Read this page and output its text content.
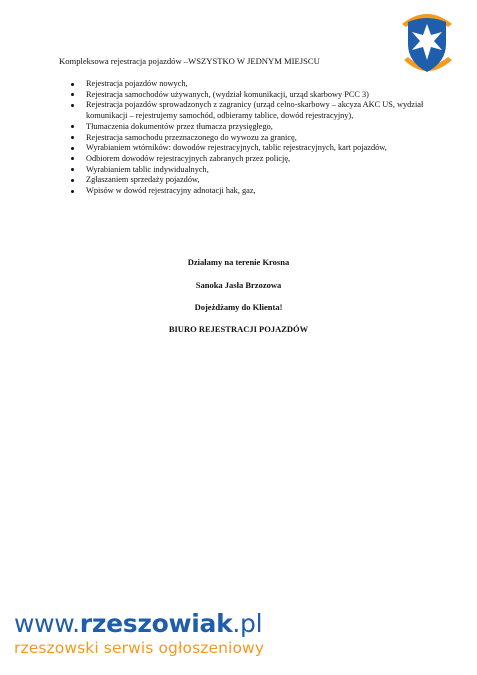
Kompleksowa rejestracja pojazdów –WSZYSTKO W JEDNYM MIEJSCU
Rejestracja pojazdów nowych,
Rejestracja samochodów używanych, (wydział komunikacji, urząd skarbowy PCC 3)
Rejestracja pojazdów sprowadzonych z zagranicy (urząd celno-skarbowy – akcyza AKC US, wydział komunikacji – rejestrujemy samochód, odbieramy tablice, dowód rejestracyjny),
Tłumaczenia dokumentów przez tłumacza przysięgłego,
Rejestracja samochodu przeznaczonego do wywozu za granicę,
Wyrabianiem wtórników: dowodów rejestracyjnych, tablic rejestracyjnych, kart pojazdów,
Odbiorem dowodów rejestracyjnych zabranych przez policję,
Wyrabianiem tablic indywidualnych,
Zgłaszaniem sprzedaży pojazdów,
Wpisów w dowód rejestracyjny adnotacji hak, gaz,
Działamy na terenie Krosna
Sanoka Jasła Brzozowa
Dojeżdżamy do Klienta!
BIURO REJESTRACJI POJAZDÓW
www.rzeszowiak.pl
rzeszowski serwis ogłoszeniowy
